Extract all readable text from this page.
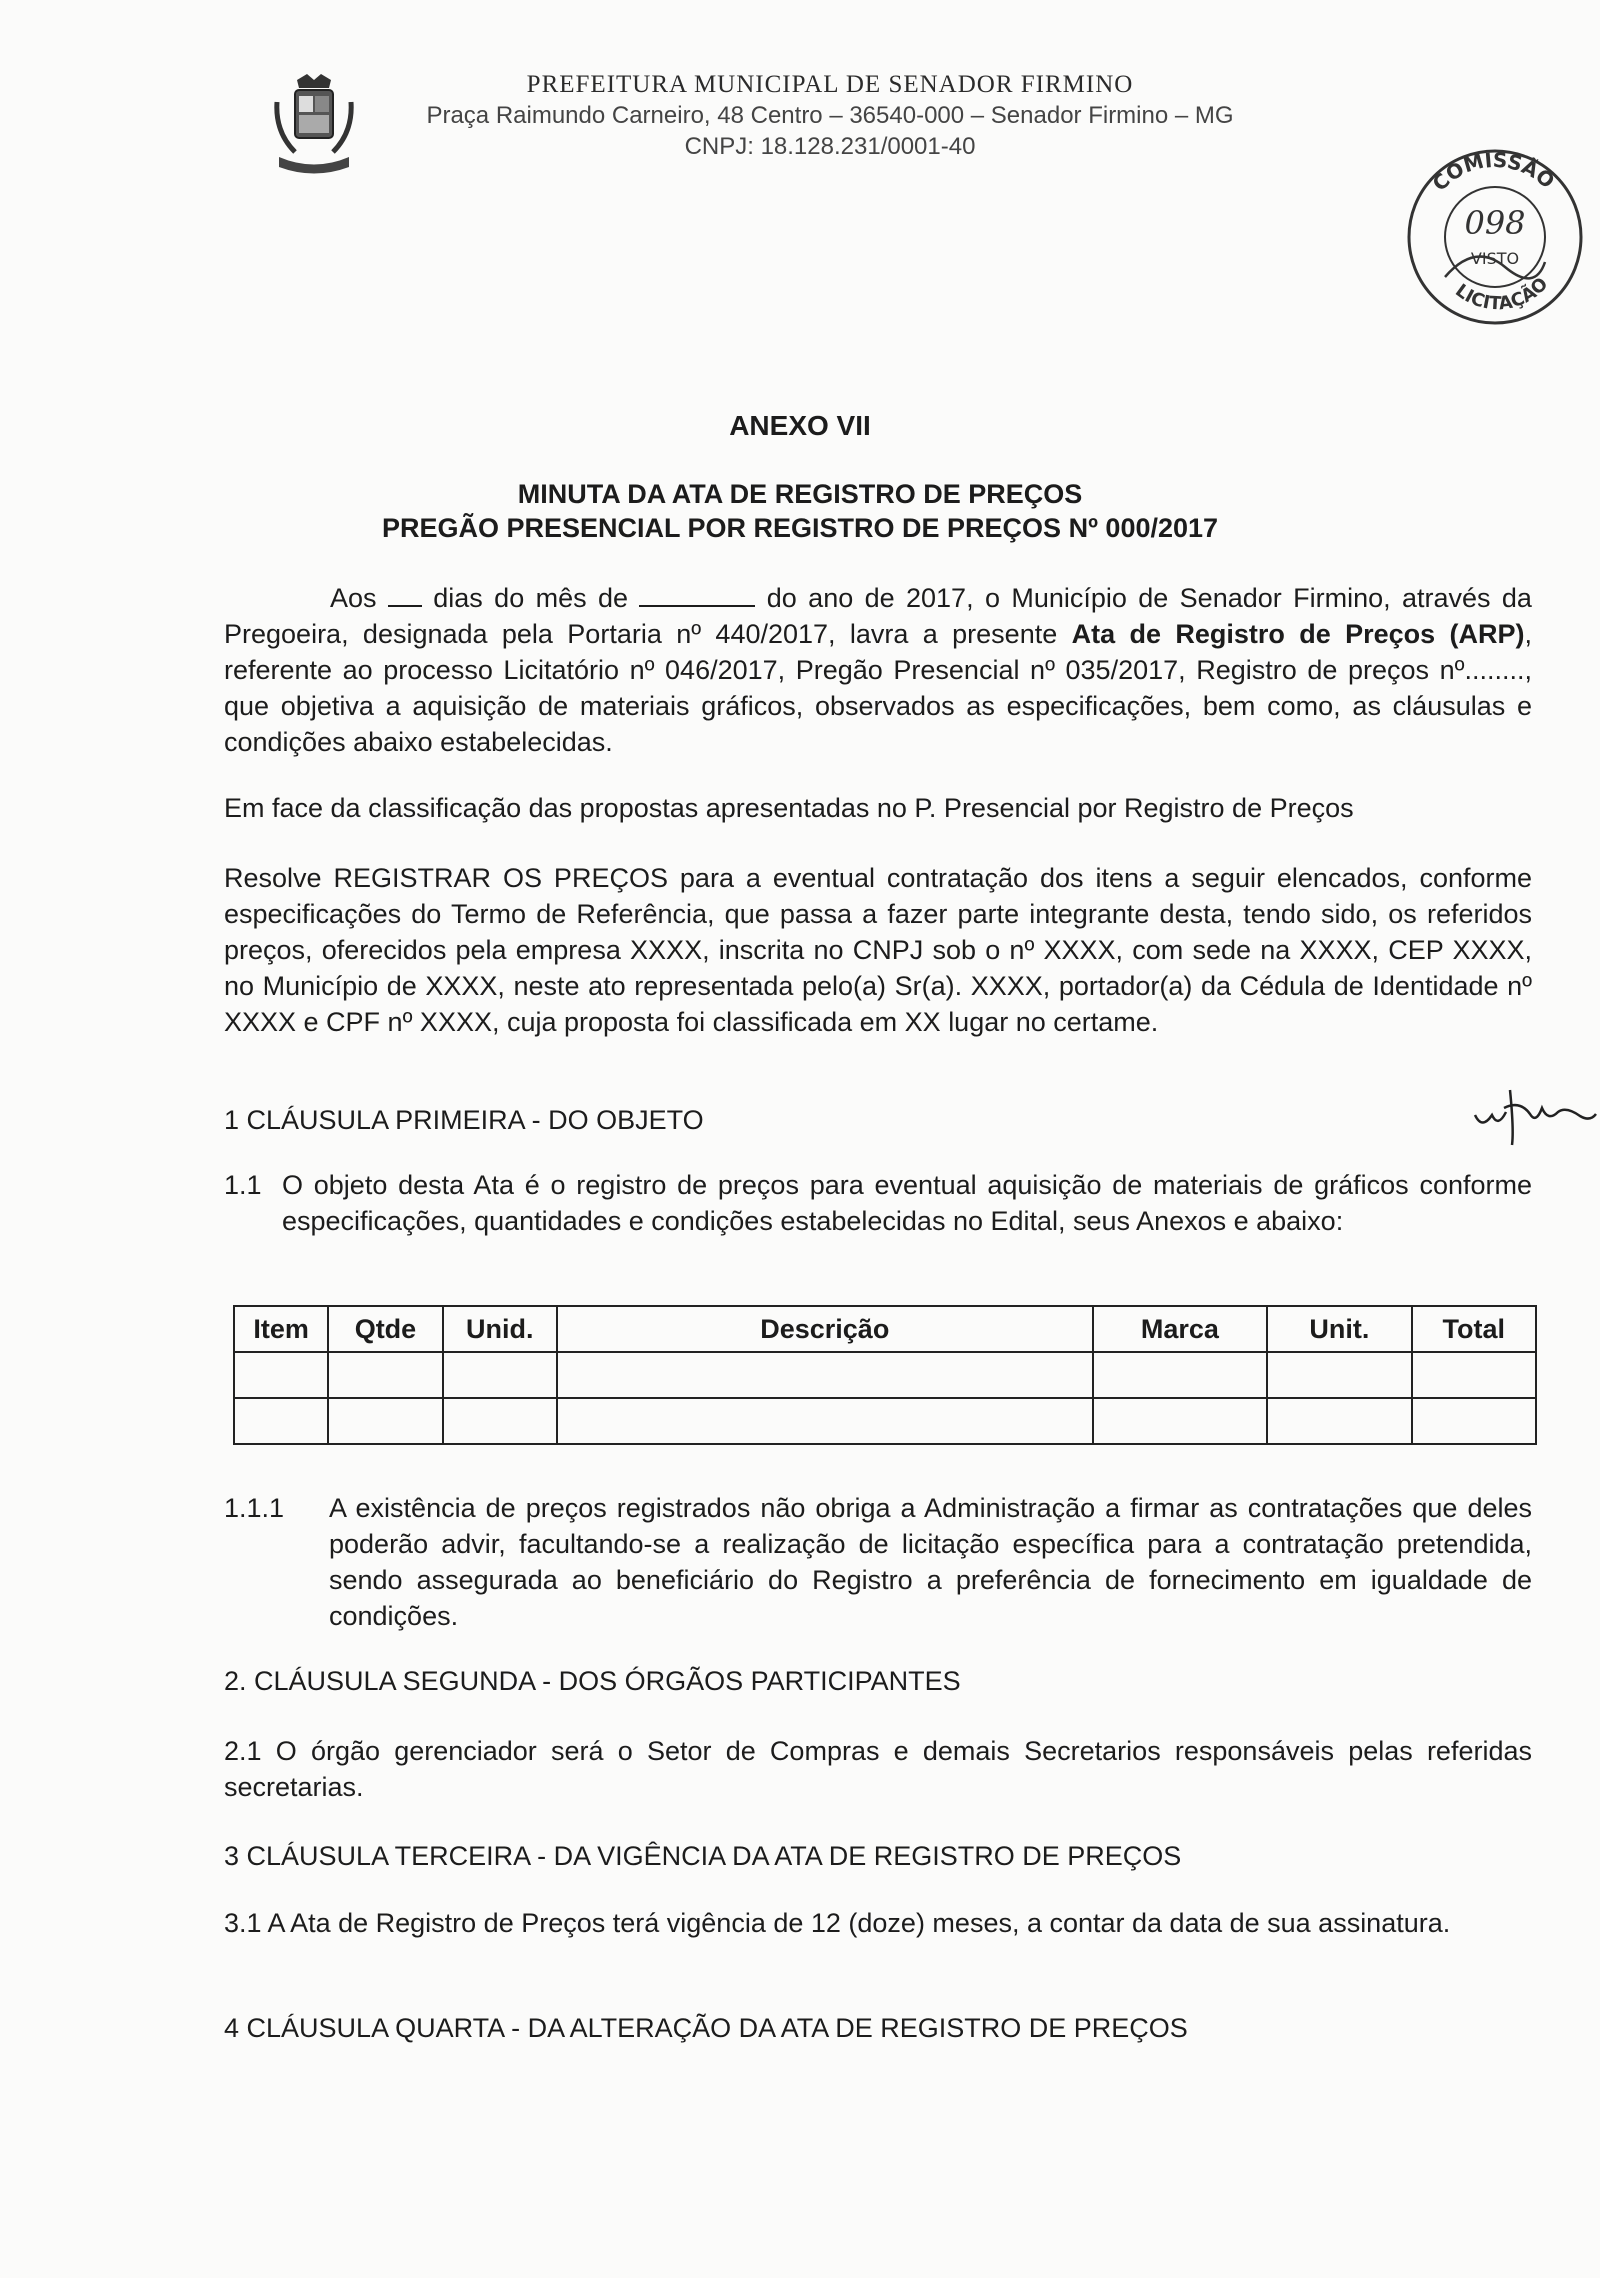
PREFEITURA MUNICIPAL DE SENADOR FIRMINO
Praça Raimundo Carneiro, 48 Centro – 36540-000 – Senador Firmino – MG
CNPJ: 18.128.231/0001-40
COMISSÃO
LICITAÇÃO
098
VISTO
ANEXO VII
MINUTA DA ATA DE REGISTRO DE PREÇOS
PREGÃO PRESENCIAL POR REGISTRO DE PREÇOS Nº 000/2017
Aos dias do mês de	do ano de 2017, o Município de Senador Firmino, através da Pregoeira, designada pela Portaria nº 440/2017, lavra a presente Ata de Registro de Preços (ARP), referente ao processo Licitatório nº 046/2017, Pregão Presencial nº 035/2017, Registro de preços nº........, que objetiva a aquisição de materiais gráficos, observados as especificações, bem como, as cláusulas e condições abaixo estabelecidas.
Em face da classificação das propostas apresentadas no P. Presencial por Registro de Preços
Resolve REGISTRAR OS PREÇOS para a eventual contratação dos itens a seguir elencados, conforme especificações do Termo de Referência, que passa a fazer parte integrante desta, tendo sido, os referidos preços, oferecidos pela empresa XXXX, inscrita no CNPJ sob o nº XXXX, com sede na XXXX, CEP XXXX, no Município de XXXX, neste ato representada pelo(a) Sr(a). XXXX, portador(a) da Cédula de Identidade nº XXXX e CPF nº XXXX, cuja proposta foi classificada em XX lugar no certame.
1 CLÁUSULA PRIMEIRA - DO OBJETO
1.1 O objeto desta Ata é o registro de preços para eventual aquisição de materiais de gráficos conforme especificações, quantidades e condições estabelecidas no Edital, seus Anexos e abaixo:
Item	Qtde	Unid.	Descrição	Marca	Unit.	Total

1.1.1	A existência de preços registrados não obriga a Administração a firmar as contratações que deles poderão advir, facultando-se a realização de licitação específica para a contratação pretendida, sendo assegurada ao beneficiário do Registro a preferência de fornecimento em igualdade de condições.
2. CLÁUSULA SEGUNDA - DOS ÓRGÃOS PARTICIPANTES
2.1 O órgão gerenciador será o Setor de Compras e demais Secretarios responsáveis pelas referidas secretarias.
3 CLÁUSULA TERCEIRA - DA VIGÊNCIA DA ATA DE REGISTRO DE PREÇOS
3.1 A Ata de Registro de Preços terá vigência de 12 (doze) meses, a contar da data de sua assinatura.
4 CLÁUSULA QUARTA - DA ALTERAÇÃO DA ATA DE REGISTRO DE PREÇOS
